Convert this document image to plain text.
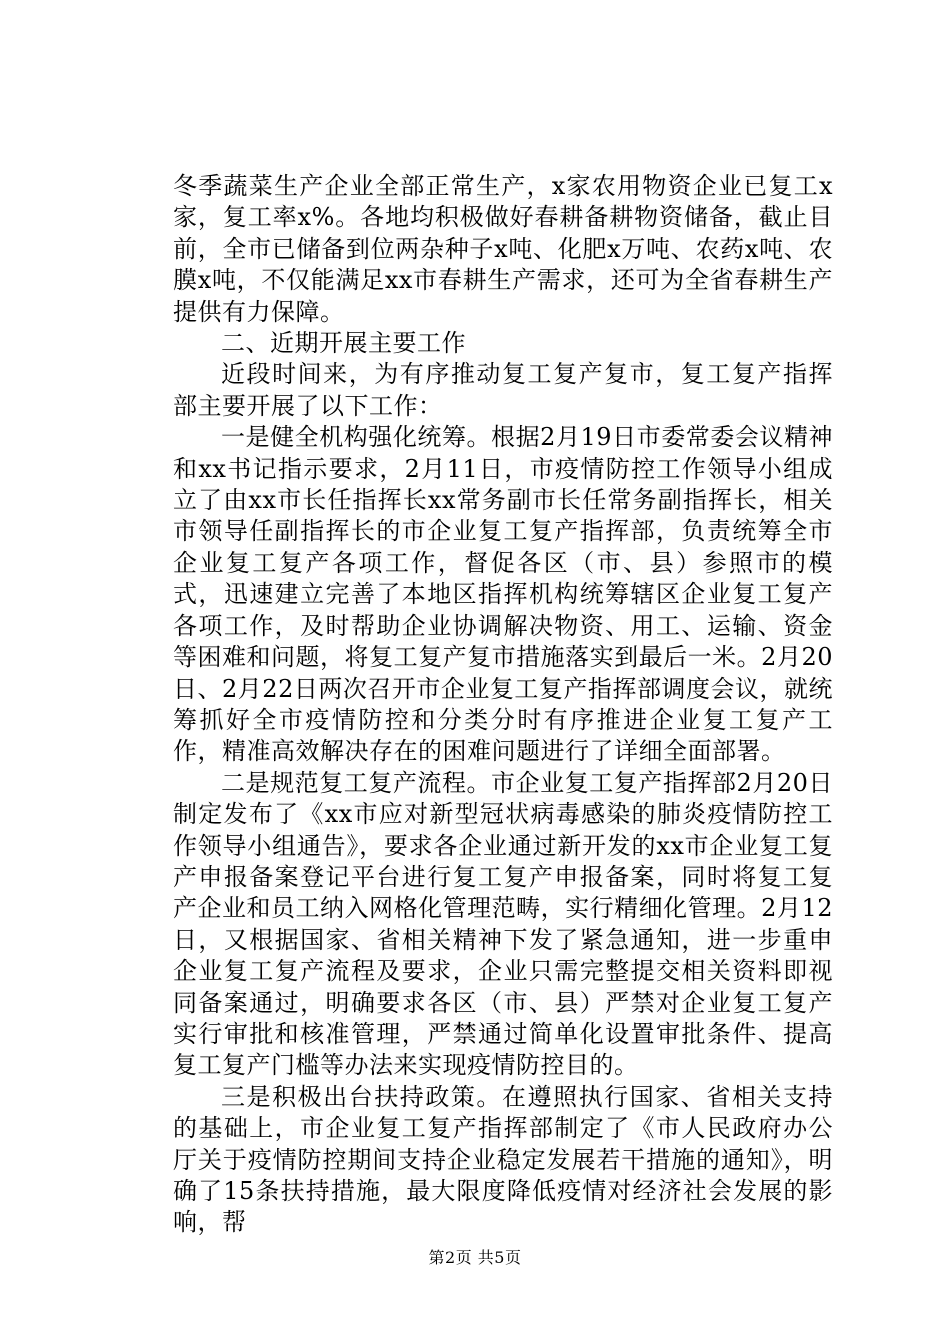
冬季蔬菜生产企业全部正常生产，x家农用物资企业已复工x家，复工率x%。各地均积极做好春耕备耕物资储备，截止目前，全市已储备到位两杂种子x吨、化肥x万吨、农药x吨、农膜x吨，不仅能满足xx市春耕生产需求，还可为全省春耕生产提供有力保障。

二、近期开展主要工作

近段时间来，为有序推动复工复产复市，复工复产指挥部主要开展了以下工作：

一是健全机构强化统筹。根据2月19日市委常委会议精神和xx书记指示要求，2月11日，市疫情防控工作领导小组成立了由xx市长任指挥长xx常务副市长任常务副指挥长，相关市领导任副指挥长的市企业复工复产指挥部，负责统筹全市企业复工复产各项工作，督促各区（市、县）参照市的模式，迅速建立完善了本地区指挥机构统筹辖区企业复工复产各项工作，及时帮助企业协调解决物资、用工、运输、资金等困难和问题，将复工复产复市措施落实到最后一米。2月20日、2月22日两次召开市企业复工复产指挥部调度会议，就统筹抓好全市疫情防控和分类分时有序推进企业复工复产工作，精准高效解决存在的困难问题进行了详细全面部署。

二是规范复工复产流程。市企业复工复产指挥部2月20日制定发布了《xx市应对新型冠状病毒感染的肺炎疫情防控工作领导小组通告》，要求各企业通过新开发的xx市企业复工复产申报备案登记平台进行复工复产申报备案，同时将复工复产企业和员工纳入网格化管理范畴，实行精细化管理。2月12日，又根据国家、省相关精神下发了紧急通知，进一步重申企业复工复产流程及要求，企业只需完整提交相关资料即视同备案通过，明确要求各区（市、县）严禁对企业复工复产实行审批和核准管理，严禁通过简单化设置审批条件、提高复工复产门槛等办法来实现疫情防控目的。

三是积极出台扶持政策。在遵照执行国家、省相关支持的基础上，市企业复工复产指挥部制定了《市人民政府办公厅关于疫情防控期间支持企业稳定发展若干措施的通知》，明确了15条扶持措施，最大限度降低疫情对经济社会发展的影响，帮

第2页 共5页
